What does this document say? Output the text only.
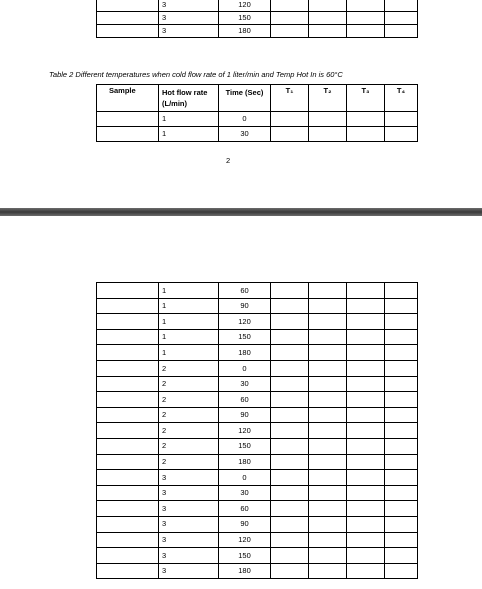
	3	120				
	3	150				
	3	180				
Table 2 Different temperatures when cold flow rate of 1 liter/min and Temp Hot In is 60°C
Sample	Hot flow rate (L/min)	Time (Sec)	T₁	T₂	T₃	T₄
	1	0				
	1	30				
2
	1	60				
	1	90				
	1	120				
	1	150				
	1	180				
	2	0				
	2	30				
	2	60				
	2	90				
	2	120				
	2	150				
	2	180				
	3	0				
	3	30				
	3	60				
	3	90				
	3	120				
	3	150				
	3	180				
